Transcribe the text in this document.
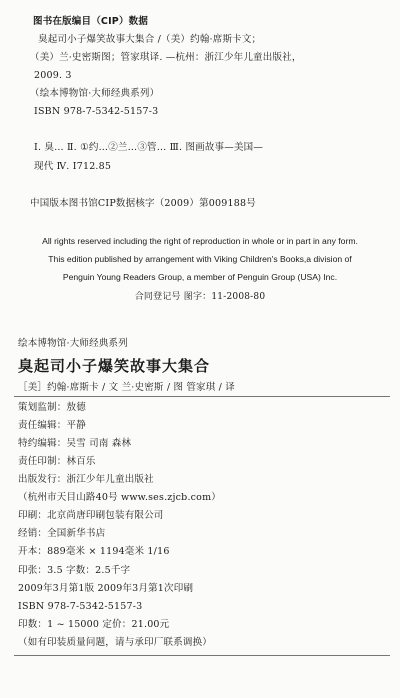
图书在版编目（CIP）数据
臭起司小子爆笑故事大集合 /（美）约翰·席斯卡文；
（美）兰·史密斯图；管家琪译. —杭州：浙江少年儿童出版社，
2009. 3
（绘本博物馆·大师经典系列）
ISBN 978-7-5342-5157-3
Ⅰ. 臭… Ⅱ. ①约…②兰…③管… Ⅲ. 图画故事—美国—
现代 Ⅳ. Ⅰ712.85
中国版本图书馆CIP数据核字（2009）第009188号
All rights reserved including the right of reproduction in whole or in part in any form.
This edition published by arrangement with Viking Children's Books,a division of
Penguin Young Readers Group, a member of Penguin Group (USA) Inc.
合同登记号 图字：11-2008-80
绘本博物馆·大师经典系列
臭起司小子爆笑故事大集合
［美］约翰·席斯卡 / 文 兰·史密斯 / 图 管家琪 / 译
策划监制：敖德
责任编辑：平静
特约编辑：吴雪 司南 森林
责任印制：林百乐
出版发行：浙江少年儿童出版社
（杭州市天目山路40号 www.ses.zjcb.com）
印刷：北京尚唐印刷包装有限公司
经销：全国新华书店
开本：889毫米 × 1194毫米 1/16
印张：3.5 字数：2.5千字
2009年3月第1版 2009年3月第1次印刷
ISBN 978-7-5342-5157-3
印数：1 ~ 15000 定价：21.00元
（如有印装质量问题，请与承印厂联系调换）
